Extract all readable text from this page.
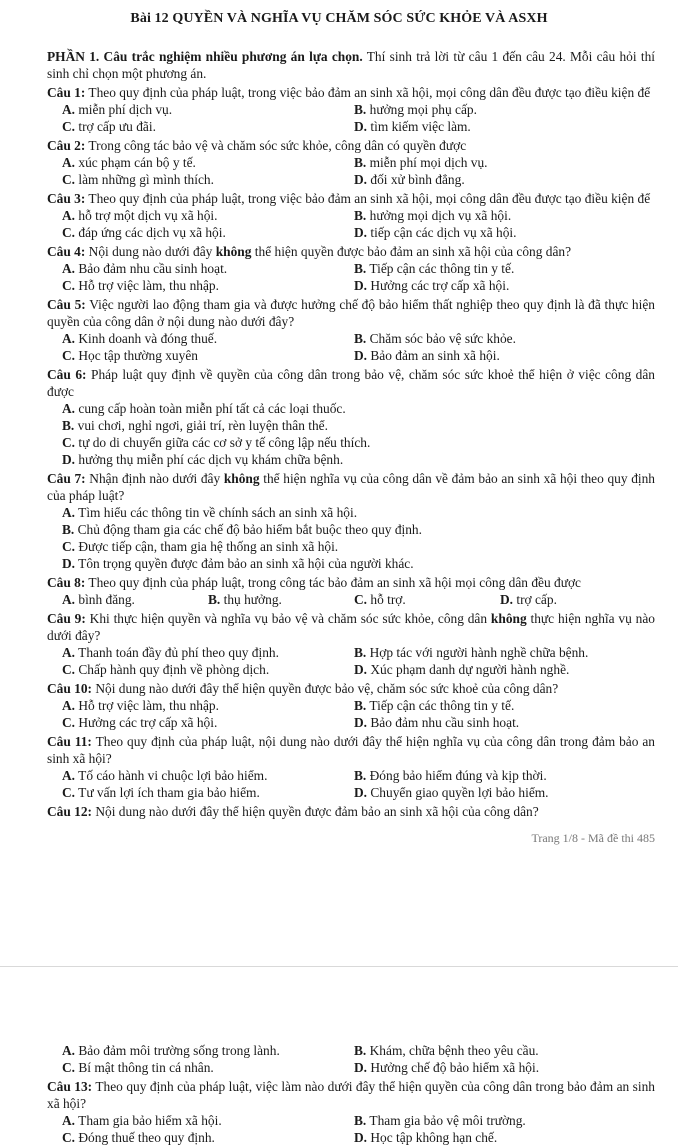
Bài 12 QUYỀN VÀ NGHĨA VỤ CHĂM SÓC SỨC KHỎE VÀ ASXH
PHẦN 1. Câu trắc nghiệm nhiều phương án lựa chọn. Thí sinh trả lời từ câu 1 đến câu 24. Mỗi câu hỏi thí sinh chỉ chọn một phương án.
Câu 1: Theo quy định của pháp luật, trong việc bảo đảm an sinh xã hội, mọi công dân đều được tạo điều kiện để
A. miễn phí dịch vụ.	B. hưởng mọi phụ cấp.
C. trợ cấp ưu đãi.	D. tìm kiếm việc làm.
Câu 2: Trong công tác bảo vệ và chăm sóc sức khỏe, công dân có quyền được
A. xúc phạm cán bộ y tế.	B. miễn phí mọi dịch vụ.
C. làm những gì mình thích.	D. đối xử bình đẳng.
Câu 3: Theo quy định của pháp luật, trong việc bảo đảm an sinh xã hội, mọi công dân đều được tạo điều kiện để
A. hỗ trợ một dịch vụ xã hội.	B. hưởng mọi dịch vụ xã hội.
C. đáp ứng các dịch vụ xã hội.	D. tiếp cận các dịch vụ xã hội.
Câu 4: Nội dung nào dưới đây không thể hiện quyền được bảo đảm an sinh xã hội của công dân?
A. Bảo đảm nhu cầu sinh hoạt.	B. Tiếp cận các thông tin y tế.
C. Hỗ trợ việc làm, thu nhập.	D. Hưởng các trợ cấp xã hội.
Câu 5: Việc người lao động tham gia và được hưởng chế độ bảo hiểm thất nghiệp theo quy định là đã thực hiện quyền của công dân ở nội dung nào dưới đây?
A. Kinh doanh và đóng thuế.	B. Chăm sóc bảo vệ sức khỏe.
C. Học tập thường xuyên	D. Bảo đảm an sinh xã hội.
Câu 6: Pháp luật quy định về quyền của công dân trong bảo vệ, chăm sóc sức khoẻ thể hiện ở việc công dân được
A. cung cấp hoàn toàn miễn phí tất cả các loại thuốc.
B. vui chơi, nghỉ ngơi, giải trí, rèn luyện thân thể.
C. tự do di chuyển giữa các cơ sở y tế công lập nếu thích.
D. hưởng thụ miễn phí các dịch vụ khám chữa bệnh.
Câu 7: Nhận định nào dưới đây không thể hiện nghĩa vụ của công dân về đảm bảo an sinh xã hội theo quy định của pháp luật?
A. Tìm hiểu các thông tin về chính sách an sinh xã hội.
B. Chủ động tham gia các chế độ bảo hiểm bắt buộc theo quy định.
C. Được tiếp cận, tham gia hệ thống an sinh xã hội.
D. Tôn trọng quyền được đảm bảo an sinh xã hội của người khác.
Câu 8: Theo quy định của pháp luật, trong công tác bảo đảm an sinh xã hội mọi công dân đều được
A. bình đăng.	B. thụ hưởng.	C. hỗ trợ.	D. trợ cấp.
Câu 9: Khi thực hiện quyền và nghĩa vụ bảo vệ và chăm sóc sức khỏe, công dân không thực hiện nghĩa vụ nào dưới đây?
A. Thanh toán đầy đủ phí theo quy định.	B. Hợp tác với người hành nghề chữa bệnh.
C. Chấp hành quy định về phòng dịch.	D. Xúc phạm danh dự người hành nghề.
Câu 10: Nội dung nào dưới đây thể hiện quyền được bảo vệ, chăm sóc sức khoẻ của công dân?
A. Hỗ trợ việc làm, thu nhập.	B. Tiếp cận các thông tin y tế.
C. Hưởng các trợ cấp xã hội.	D. Bảo đảm nhu cầu sinh hoạt.
Câu 11: Theo quy định của pháp luật, nội dung nào dưới đây thể hiện nghĩa vụ của công dân trong đảm bảo an sinh xã hội?
A. Tố cáo hành vi chuộc lợi bảo hiểm.	B. Đóng bảo hiểm đúng và kịp thời.
C. Tư vấn lợi ích tham gia bảo hiểm.	D. Chuyển giao quyền lợi bảo hiểm.
Câu 12: Nội dung nào dưới đây thể hiện quyền được đảm bảo an sinh xã hội của công dân?
Trang 1/8 - Mã đề thi 485
A. Bảo đảm môi trường sống trong lành.	B. Khám, chữa bệnh theo yêu cầu.
C. Bí mật thông tin cá nhân.	D. Hưởng chế độ bảo hiểm xã hội.
Câu 13: Theo quy định của pháp luật, việc làm nào dưới đây thể hiện quyền của công dân trong bảo đảm an sinh xã hội?
A. Tham gia bảo hiểm xã hội.	B. Tham gia bảo vệ môi trường.
C. Đóng thuế theo quy định.	D. Học tập không hạn chế.
